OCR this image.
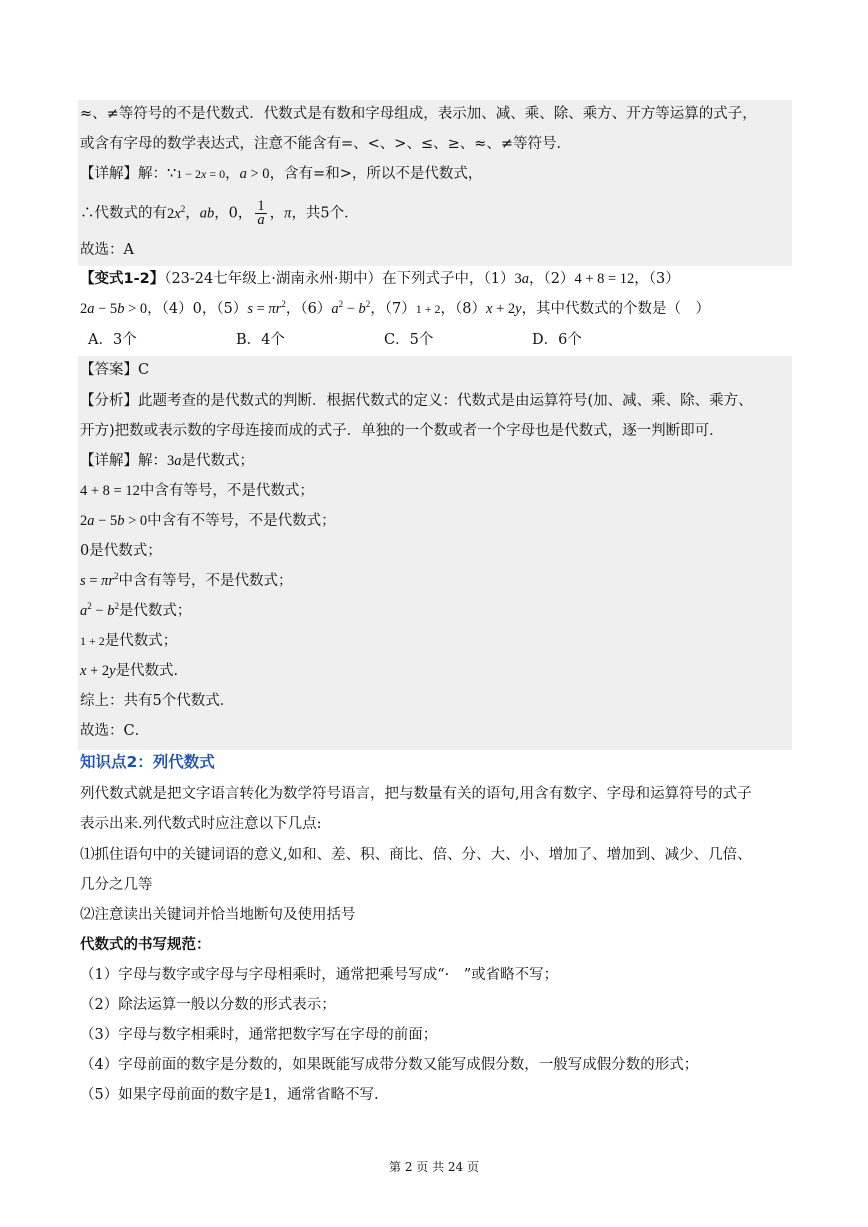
≈、≠等符号的不是代数式．代数式是有数和字母组成，表示加、减、乘、除、乘方、开方等运算的式子，
或含有字母的数学表达式，注意不能含有=、<、>、≤、≥、≈、≠等符号．
【详解】解：∵1 − 2x = 0，a > 0，含有=和>，所以不是代数式，
∴代数式的有$2x^2$，ab，0， $\frac{1}{a}$ ，π，共5个．
故选：A
【变式1-2】（23-24七年级上·湖南永州·期中）在下列式子中，（1）3a，（2）4 + 8 = 12，（3）
2a − 5b > 0，（4）0，$(5)s = \pi r^2$，$(6)a^2 - b^2$，（7）1 + 2，（8）x + 2y，其中代数式的个数是（　）
A．3个	B．4个	C．5个	D．6个
【答案】C
【分析】此题考查的是代数式的判断．根据代数式的定义：代数式是由运算符号(加、减、乘、除、乘方、
开方)把数或表示数的字母连接而成的式子．单独的一个数或者一个字母也是代数式，逐一判断即可．
【详解】解：3a是代数式；
4 + 8 = 12中含有等号，不是代数式；
2a − 5b > 0中含有不等号，不是代数式；
0是代数式；
$s = \pi r^2$中含有等号，不是代数式；
$a^2 - b^2$是代数式；
1 + 2是代数式；
x + 2y是代数式．
综上：共有5个代数式．
故选：C．
知识点2：列代数式
列代数式就是把文字语言转化为数学符号语言，把与数量有关的语句,用含有数字、字母和运算符号的式子
表示出来.列代数式时应注意以下几点:
⑴抓住语句中的关键词语的意义,如和、差、积、商比、倍、分、大、小、增加了、增加到、减少、几倍、
几分之几等
⑵注意读出关键词并恰当地断句及使用括号
代数式的书写规范：
（1）字母与数字或字母与字母相乘时，通常把乘号写成“·　”或省略不写；
（2）除法运算一般以分数的形式表示；
（3）字母与数字相乘时，通常把数字写在字母的前面；
（4）字母前面的数字是分数的，如果既能写成带分数又能写成假分数，一般写成假分数的形式；
（5）如果字母前面的数字是1，通常省略不写.
第 2 页 共 24 页
